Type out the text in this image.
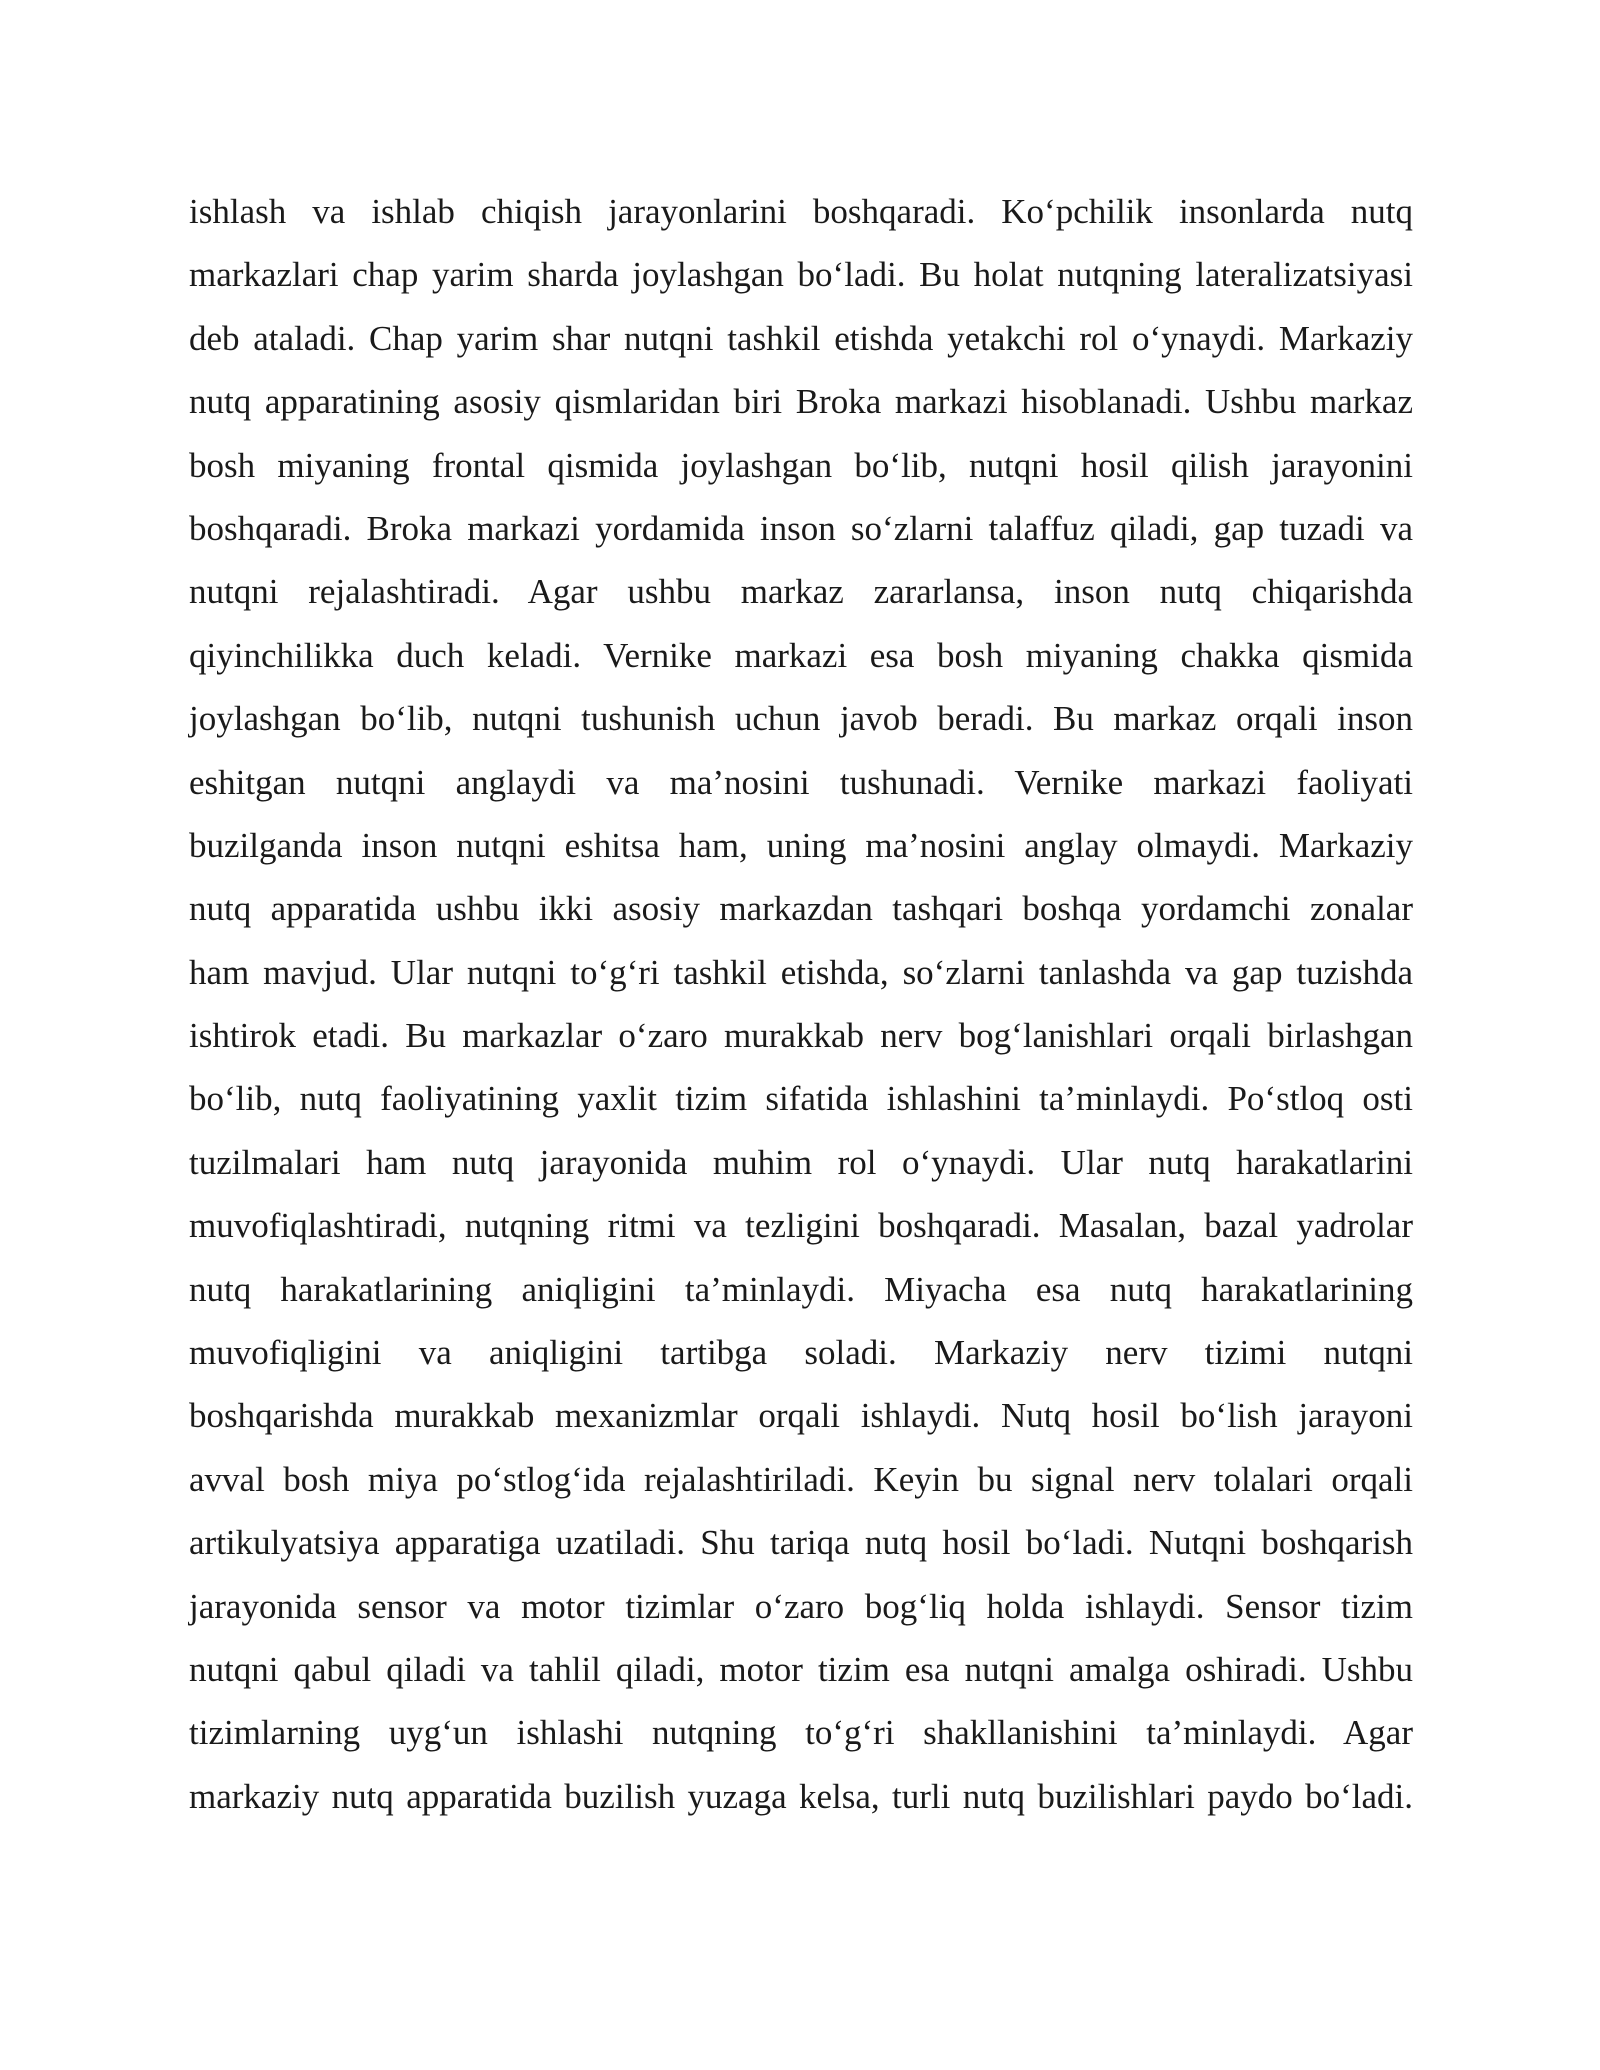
ishlash va ishlab chiqish jarayonlarini boshqaradi. Koʻpchilik insonlarda nutq
markazlari chap yarim sharda joylashgan boʻladi. Bu holat nutqning lateralizatsiyasi
deb ataladi. Chap yarim shar nutqni tashkil etishda yetakchi rol oʻynaydi. Markaziy
nutq apparatining asosiy qismlaridan biri Broka markazi hisoblanadi. Ushbu markaz
bosh miyaning frontal qismida joylashgan boʻlib, nutqni hosil qilish jarayonini
boshqaradi. Broka markazi yordamida inson soʻzlarni talaffuz qiladi, gap tuzadi va
nutqni rejalashtiradi. Agar ushbu markaz zararlansa, inson nutq chiqarishda
qiyinchilikka duch keladi. Vernike markazi esa bosh miyaning chakka qismida
joylashgan boʻlib, nutqni tushunish uchun javob beradi. Bu markaz orqali inson
eshitgan nutqni anglaydi va ma’nosini tushunadi. Vernike markazi faoliyati
buzilganda inson nutqni eshitsa ham, uning ma’nosini anglay olmaydi. Markaziy
nutq apparatida ushbu ikki asosiy markazdan tashqari boshqa yordamchi zonalar
ham mavjud. Ular nutqni toʻgʻri tashkil etishda, soʻzlarni tanlashda va gap tuzishda
ishtirok etadi. Bu markazlar oʻzaro murakkab nerv bogʻlanishlari orqali birlashgan
boʻlib, nutq faoliyatining yaxlit tizim sifatida ishlashini ta’minlaydi. Poʻstloq osti
tuzilmalari ham nutq jarayonida muhim rol oʻynaydi. Ular nutq harakatlarini
muvofiqlashtiradi, nutqning ritmi va tezligini boshqaradi. Masalan, bazal yadrolar
nutq harakatlarining aniqligini ta’minlaydi. Miyacha esa nutq harakatlarining
muvofiqligini va aniqligini tartibga soladi. Markaziy nerv tizimi nutqni
boshqarishda murakkab mexanizmlar orqali ishlaydi. Nutq hosil boʻlish jarayoni
avval bosh miya poʻstlogʻida rejalashtiriladi. Keyin bu signal nerv tolalari orqali
artikulyatsiya apparatiga uzatiladi. Shu tariqa nutq hosil boʻladi. Nutqni boshqarish
jarayonida sensor va motor tizimlar oʻzaro bogʻliq holda ishlaydi. Sensor tizim
nutqni qabul qiladi va tahlil qiladi, motor tizim esa nutqni amalga oshiradi. Ushbu
tizimlarning uygʻun ishlashi nutqning toʻgʻri shakllanishini ta’minlaydi. Agar
markaziy nutq apparatida buzilish yuzaga kelsa, turli nutq buzilishlari paydo boʻladi.
